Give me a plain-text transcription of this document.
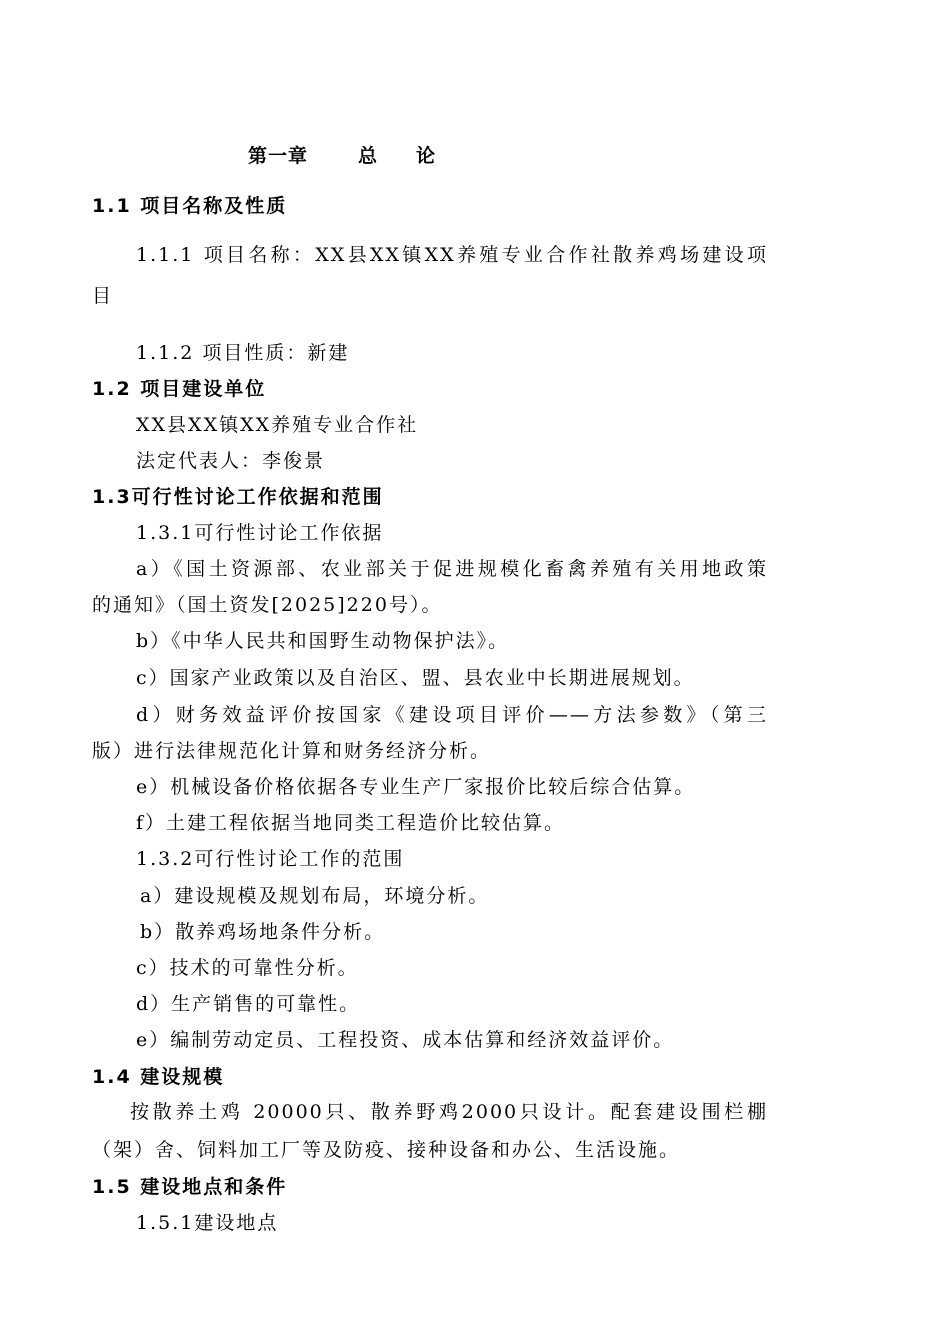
第一章	总　论
1.1 项目名称及性质
1.1.1 项目名称：XX县XX镇XX养殖专业合作社散养鸡场建设项
目
1.1.2 项目性质：新建
1.2 项目建设单位
XX县XX镇XX养殖专业合作社
法定代表人：李俊景
1.3可行性讨论工作依据和范围
1.3.1可行性讨论工作依据
a）《国土资源部、农业部关于促进规模化畜禽养殖有关用地政策
的通知》（国土资发[2025]220号）。
b）《中华人民共和国野生动物保护法》。
c）国家产业政策以及自治区、盟、县农业中长期进展规划。
d）财务效益评价按国家《建设项目评价——方法参数》（第三
版）进行法律规范化计算和财务经济分析。
e）机械设备价格依据各专业生产厂家报价比较后综合估算。
f）土建工程依据当地同类工程造价比较估算。
1.3.2可行性讨论工作的范围
a）建设规模及规划布局，环境分析。
b）散养鸡场地条件分析。
c）技术的可靠性分析。
d）生产销售的可靠性。
e）编制劳动定员、工程投资、成本估算和经济效益评价。
1.4 建设规模
按散养土鸡 20000只、散养野鸡2000只设计。配套建设围栏棚
（架）舍、饲料加工厂等及防疫、接种设备和办公、生活设施。
1.5 建设地点和条件
1.5.1建设地点
